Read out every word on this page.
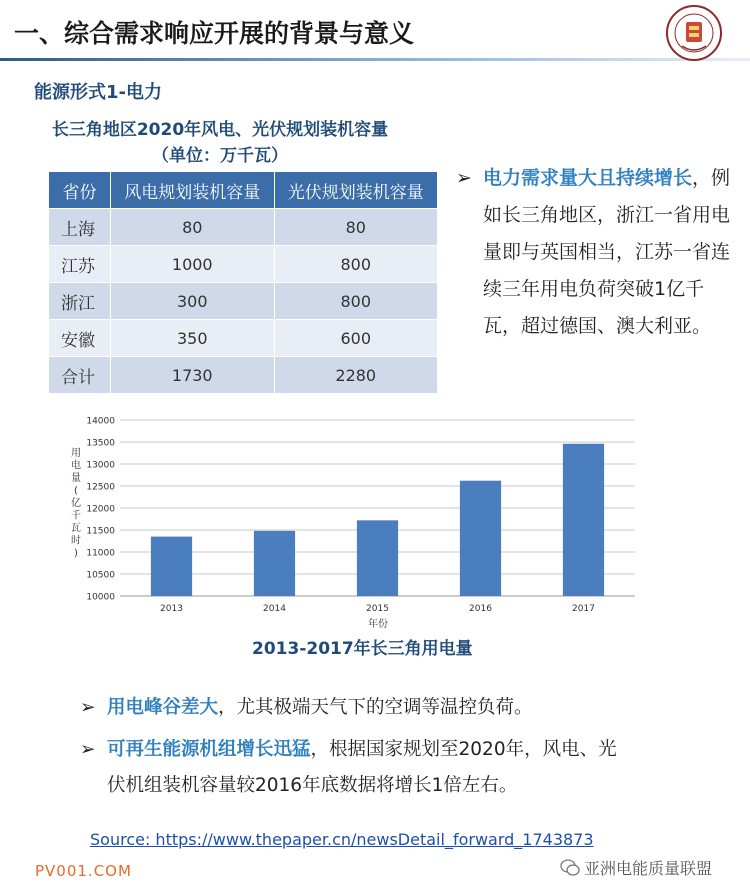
一、综合需求响应开展的背景与意义
能源形式1-电力
长三角地区2020年风电、光伏规划装机容量
（单位：万千瓦）
省份	风电规划装机容量	光伏规划装机容量
上海	80	80
江苏	1000	800
浙江	300	800
安徽	350	600
合计	1730	2280
➢ 电力需求量大且持续增长，例如长三角地区，浙江一省用电量即与英国相当，江苏一省连续三年用电负荷突破1亿千瓦，超过德国、澳大利亚。
14000
13500
13000
12500
12000
11500
11000
10500
10000
2013	2014	2015	2016	2017
用电量(亿千瓦时)
年份
2013-2017年长三角用电量
➢ 用电峰谷差大，尤其极端天气下的空调等温控负荷。
➢ 可再生能源机组增长迅猛，根据国家规划至2020年，风电、光
伏机组装机容量较2016年底数据将增长1倍左右。
Source: https://www.thepaper.cn/newsDetail_forward_1743873
PV001.COM	亚洲电能质量联盟
